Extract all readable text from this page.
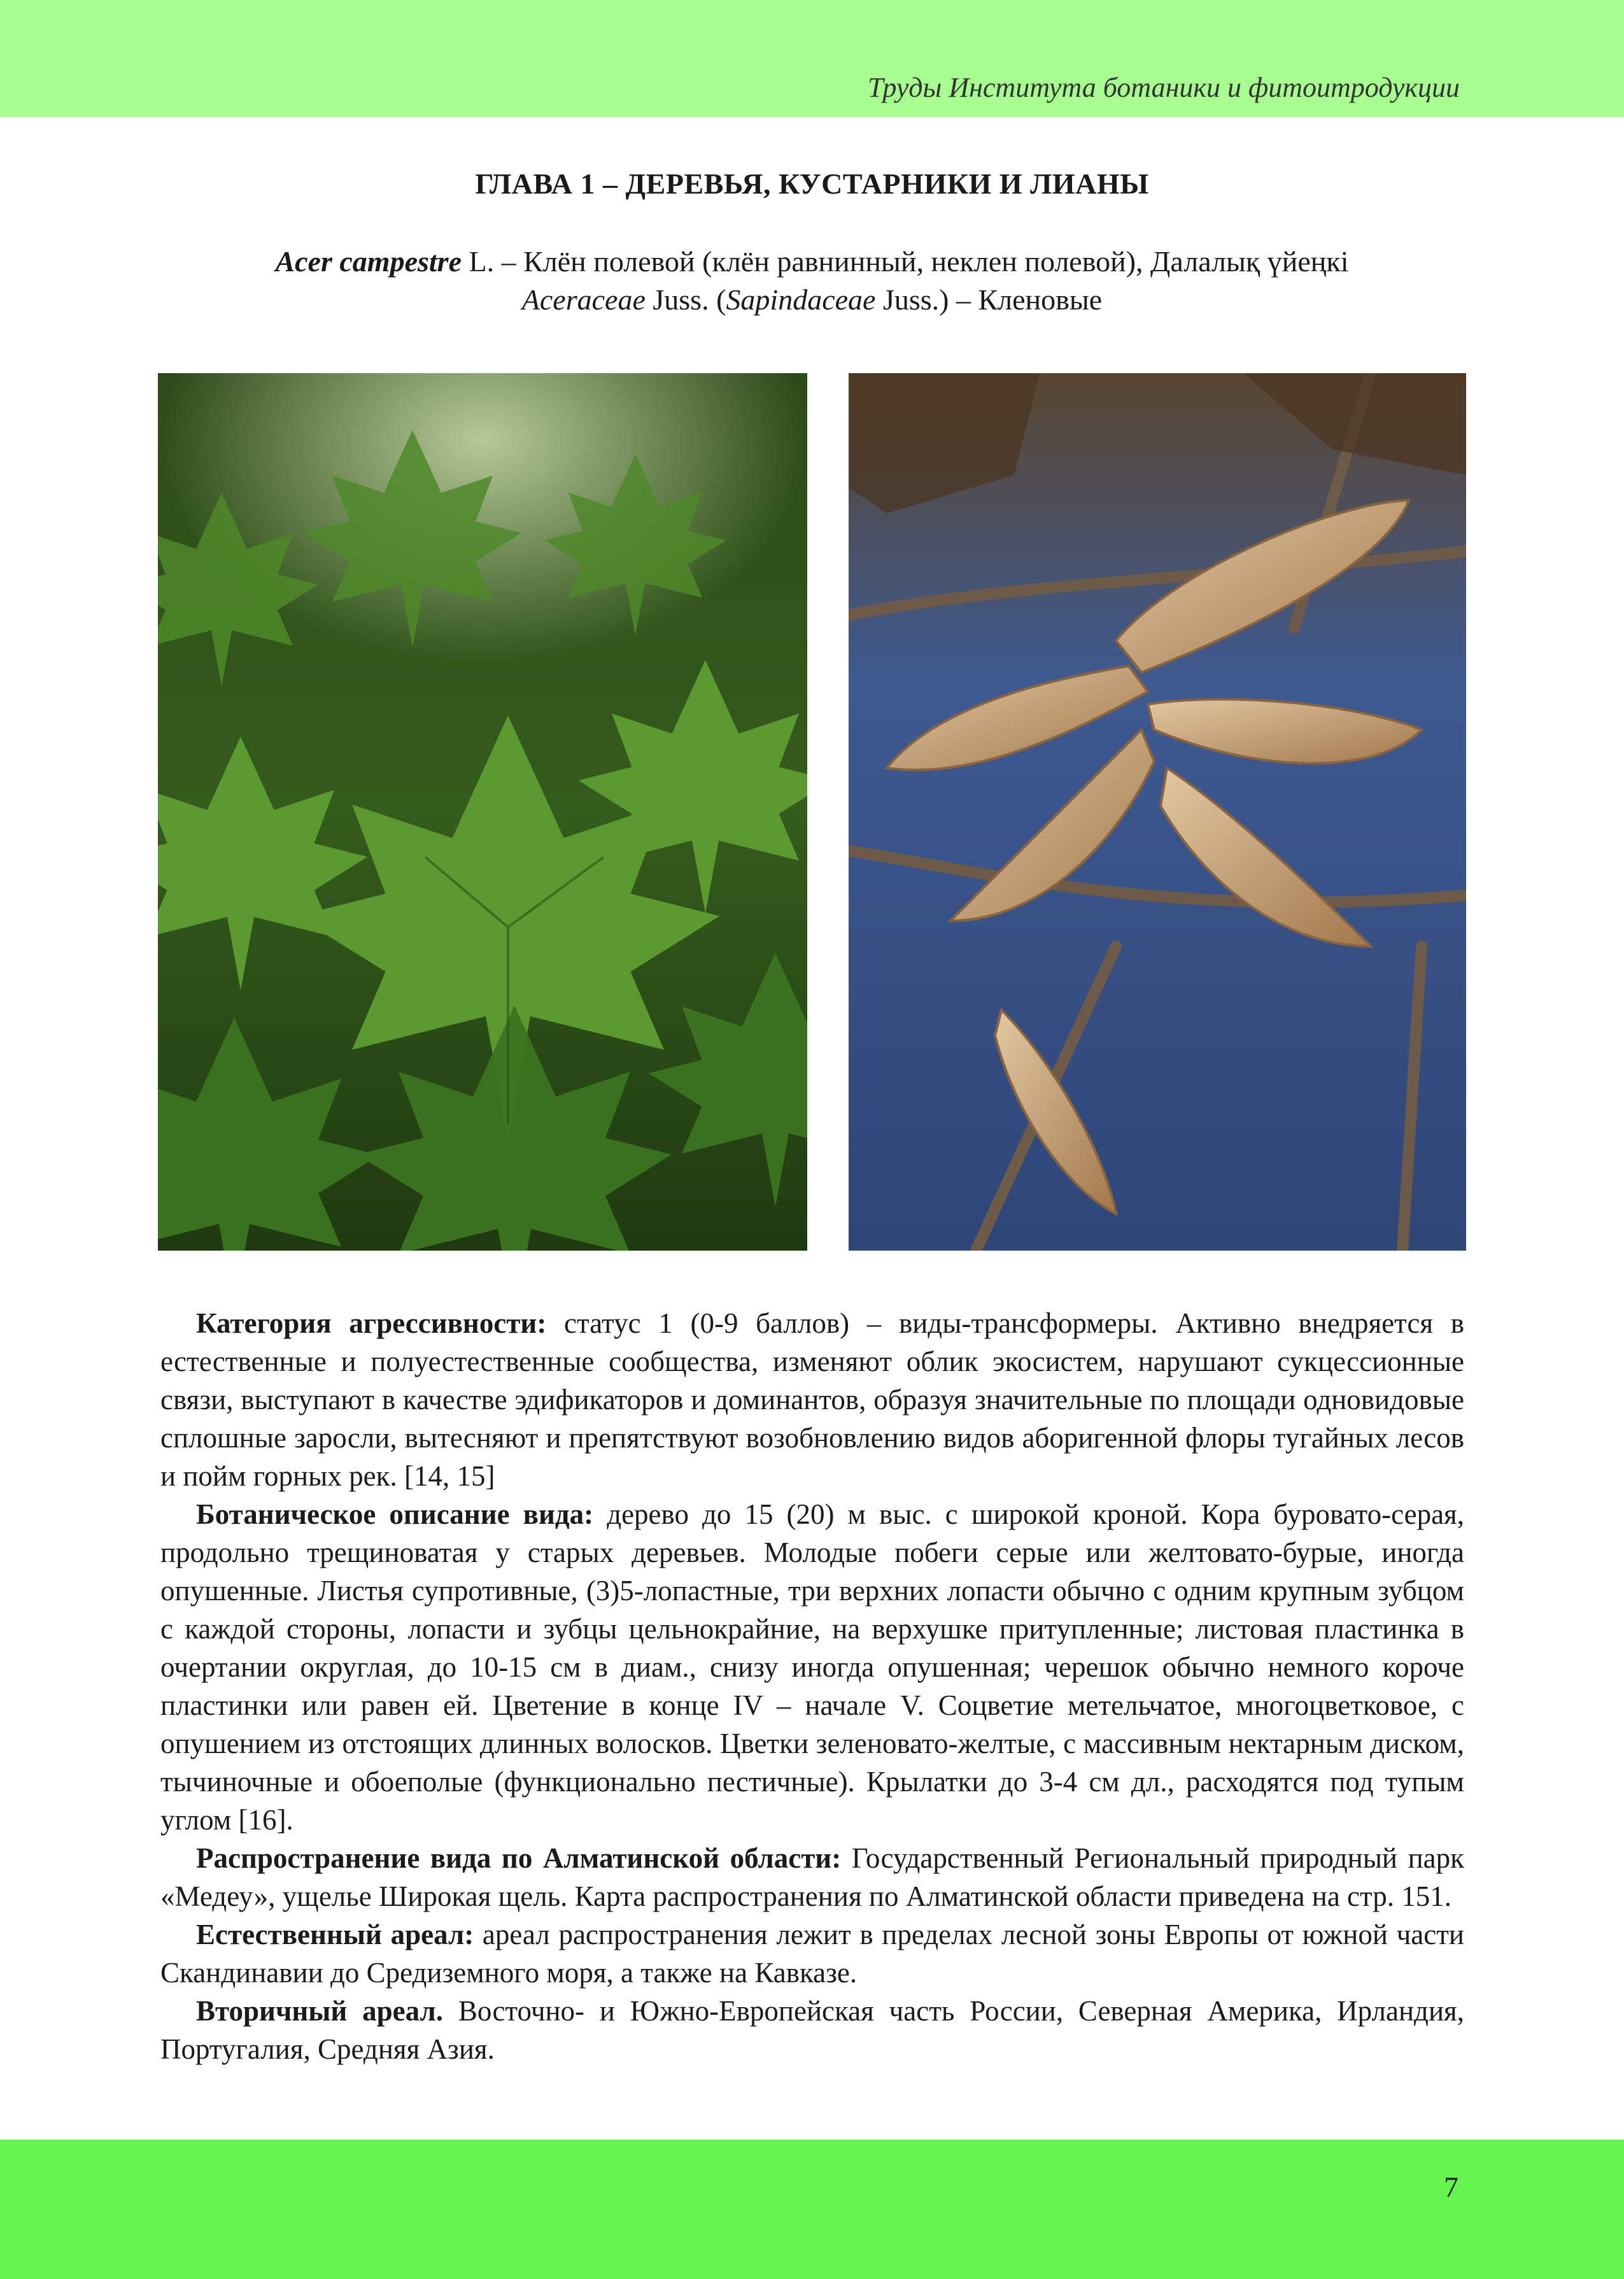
Труды Института ботаники и фитоитродукции
ГЛАВА 1 – ДЕРЕВЬЯ, КУСТАРНИКИ И ЛИАНЫ
Acer campestre L. – Клён полевой (клён равнинный, неклен полевой), Далалық үйеңкі
Aceraceae Juss. (Sapindaceae Juss.) – Кленовые

Категория агрессивности: статус 1 (0-9 баллов) – виды-трансформеры. Активно внедряется в естественные и полуестественные сообщества, изменяют облик экосистем, нарушают сукцессионные связи, выступают в качестве эдификаторов и доминантов, образуя значительные по площади одновидовые сплошные заросли, вытесняют и препятствуют возобновлению видов аборигенной флоры тугайных лесов и пойм горных рек. [14, 15]

Ботаническое описание вида: дерево до 15 (20) м выс. с широкой кроной. Кора буровато-серая, продольно трещиноватая у старых деревьев. Молодые побеги серые или желтовато-бурые, иногда опушенные. Листья супротивные, (3)5-лопастные, три верхних лопасти обычно с одним крупным зубцом с каждой стороны, лопасти и зубцы цельнокрайние, на верхушке притупленные; листовая пластинка в очертании округлая, до 10-15 см в диам., снизу иногда опушенная; черешок обычно немного короче пластинки или равен ей. Цветение в конце IV – начале V. Соцветие метельчатое, многоцветковое, с опушением из отстоящих длинных волосков. Цветки зеленовато-желтые, с массивным нектарным диском, тычиночные и обоеполые (функционально пестичные). Крылатки до 3-4 см дл., расходятся под тупым углом [16].

Распространение вида по Алматинской области: Государственный Региональный природный парк «Медеу», ущелье Широкая щель. Карта распространения по Алматинской области приведена на стр. 151.

Естественный ареал: ареал распространения лежит в пределах лесной зоны Европы от южной части Скандинавии до Средиземного моря, а также на Кавказе.

Вторичный ареал. Восточно- и Южно-Европейская часть России, Северная Америка, Ирландия, Португалия, Средняя Азия.

7
